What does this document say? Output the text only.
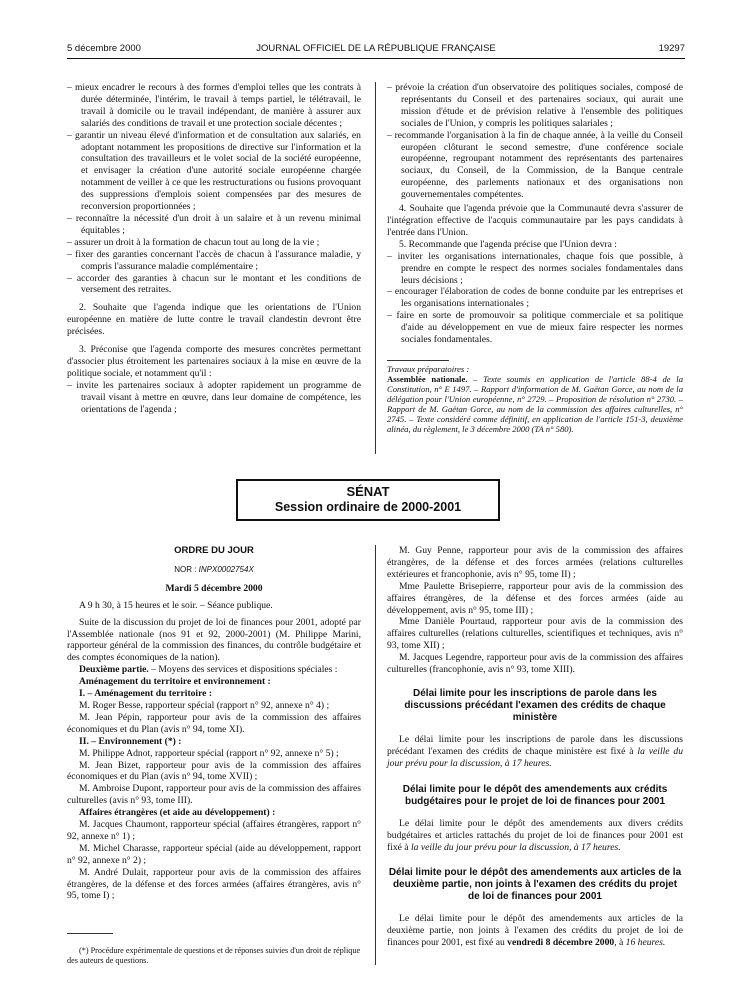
5 décembre 2000	JOURNAL OFFICIEL DE LA RÉPUBLIQUE FRANÇAISE	19297

– mieux encadrer le recours à des formes d'emploi telles que les contrats à durée déterminée, l'intérim, le travail à temps partiel, le télétravail, le travail à domicile ou le travail indépendant, de manière à assurer aux salariés des conditions de travail et une protection sociale décentes ;

– garantir un niveau élevé d'information et de consultation aux salariés, en adoptant notamment les propositions de directive sur l'information et la consultation des travailleurs et le volet social de la société européenne, et envisager la création d'une autorité sociale européenne chargée notamment de veiller à ce que les restructurations ou fusions provoquant des suppressions d'emplois soient compensées par des mesures de reconversion proportionnées ;

– reconnaître la nécessité d'un droit à un salaire et à un revenu minimal équitables ;

– assurer un droit à la formation de chacun tout au long de la vie ;

– fixer des garanties concernant l'accès de chacun à l'assurance maladie, y compris l'assurance maladie complémentaire ;

– accorder des garanties à chacun sur le montant et les conditions de versement des retraites.

2. Souhaite que l'agenda indique que les orientations de l'Union européenne en matière de lutte contre le travail clandestin devront être précisées.

3. Préconise que l'agenda comporte des mesures concrètes permettant d'associer plus étroitement les partenaires sociaux à la mise en œuvre de la politique sociale, et notamment qu'il :

– invite les partenaires sociaux à adopter rapidement un programme de travail visant à mettre en œuvre, dans leur domaine de compétence, les orientations de l'agenda ;

– prévoie la création d'un observatoire des politiques sociales, composé de représentants du Conseil et des partenaires sociaux, qui aurait une mission d'étude et de prévision relative à l'ensemble des politiques sociales de l'Union, y compris les politiques salariales ;

– recommande l'organisation à la fin de chaque année, à la veille du Conseil européen clôturant le second semestre, d'une conférence sociale européenne, regroupant notamment des représentants des partenaires sociaux, du Conseil, de la Commission, de la Banque centrale européenne, des parlements nationaux et des organisations non gouvernementales compétentes.

4. Souhaite que l'agenda prévoie que la Communauté devra s'assurer de l'intégration effective de l'acquis communautaire par les pays candidats à l'entrée dans l'Union.

5. Recommande que l'agenda précise que l'Union devra :

– inviter les organisations internationales, chaque fois que possible, à prendre en compte le respect des normes sociales fondamentales dans leurs décisions ;

– encourager l'élaboration de codes de bonne conduite par les entreprises et les organisations internationales ;

– faire en sorte de promouvoir sa politique commerciale et sa politique d'aide au développement en vue de mieux faire respecter les normes sociales fondamentales.

Travaux préparatoires :

Assemblée nationale. – Texte soumis en application de l'article 88-4 de la Constitution, n° E 1497. – Rapport d'information de M. Gaëtan Gorce, au nom de la délégation pour l'Union européenne, n° 2729. – Proposition de résolution n° 2730. – Rapport de M. Gaëtan Gorce, au nom de la commission des affaires culturelles, n° 2745. – Texte considéré comme définitif, en application de l'article 151-3, deuxième alinéa, du règlement, le 3 décembre 2000 (TA n° 580).

SÉNAT
Session ordinaire de 2000-2001

ORDRE DU JOUR

NOR : INPX0002754X

Mardi 5 décembre 2000

A 9 h 30, à 15 heures et le soir. – Séance publique.

Suite de la discussion du projet de loi de finances pour 2001, adopté par l'Assemblée nationale (nos 91 et 92, 2000-2001) (M. Philippe Marini, rapporteur général de la commission des finances, du contrôle budgétaire et des comptes économiques de la nation).

Deuxième partie. – Moyens des services et dispositions spéciales :

Aménagement du territoire et environnement :

I. – Aménagement du territoire :

M. Roger Besse, rapporteur spécial (rapport n° 92, annexe n° 4) ;

M. Jean Pépin, rapporteur pour avis de la commission des affaires économiques et du Plan (avis n° 94, tome XI).

II. – Environnement (*) :

M. Philippe Adnot, rapporteur spécial (rapport n° 92, annexe n° 5) ;

M. Jean Bizet, rapporteur pour avis de la commission des affaires économiques et du Plan (avis n° 94, tome XVII) ;

M. Ambroise Dupont, rapporteur pour avis de la commission des affaires culturelles (avis n° 93, tome III).

Affaires étrangères (et aide au développement) :

M. Jacques Chaumont, rapporteur spécial (affaires étrangères, rapport n° 92, annexe n° 1) ;

M. Michel Charasse, rapporteur spécial (aide au développement, rapport n° 92, annexe n° 2) ;

M. André Dulait, rapporteur pour avis de la commission des affaires étrangères, de la défense et des forces armées (affaires étrangères, avis n° 95, tome I) ;

(*) Procédure expérimentale de questions et de réponses suivies d'un droit de réplique des auteurs de questions.

M. Guy Penne, rapporteur pour avis de la commission des affaires étrangères, de la défense et des forces armées (relations culturelles extérieures et francophonie, avis n° 95, tome II) ;

Mme Paulette Brisepierre, rapporteur pour avis de la commission des affaires étrangères, de la défense et des forces armées (aide au développement, avis n° 95, tome III) ;

Mme Danièle Pourtaud, rapporteur pour avis de la commission des affaires culturelles (relations culturelles, scientifiques et techniques, avis n° 93, tome XII) ;

M. Jacques Legendre, rapporteur pour avis de la commission des affaires culturelles (francophonie, avis n° 93, tome XIII).

Délai limite pour les inscriptions de parole dans les discussions précédant l'examen des crédits de chaque ministère

Le délai limite pour les inscriptions de parole dans les discussions précédant l'examen des crédits de chaque ministère est fixé à la veille du jour prévu pour la discussion, à 17 heures.

Délai limite pour le dépôt des amendements aux crédits budgétaires pour le projet de loi de finances pour 2001

Le délai limite pour le dépôt des amendements aux divers crédits budgétaires et articles rattachés du projet de loi de finances pour 2001 est fixé à la veille du jour prévu pour la discussion, à 17 heures.

Délai limite pour le dépôt des amendements aux articles de la deuxième partie, non joints à l'examen des crédits du projet de loi de finances pour 2001

Le délai limite pour le dépôt des amendements aux articles de la deuxième partie, non joints à l'examen des crédits du projet de loi de finances pour 2001, est fixé au vendredi 8 décembre 2000, à 16 heures.
